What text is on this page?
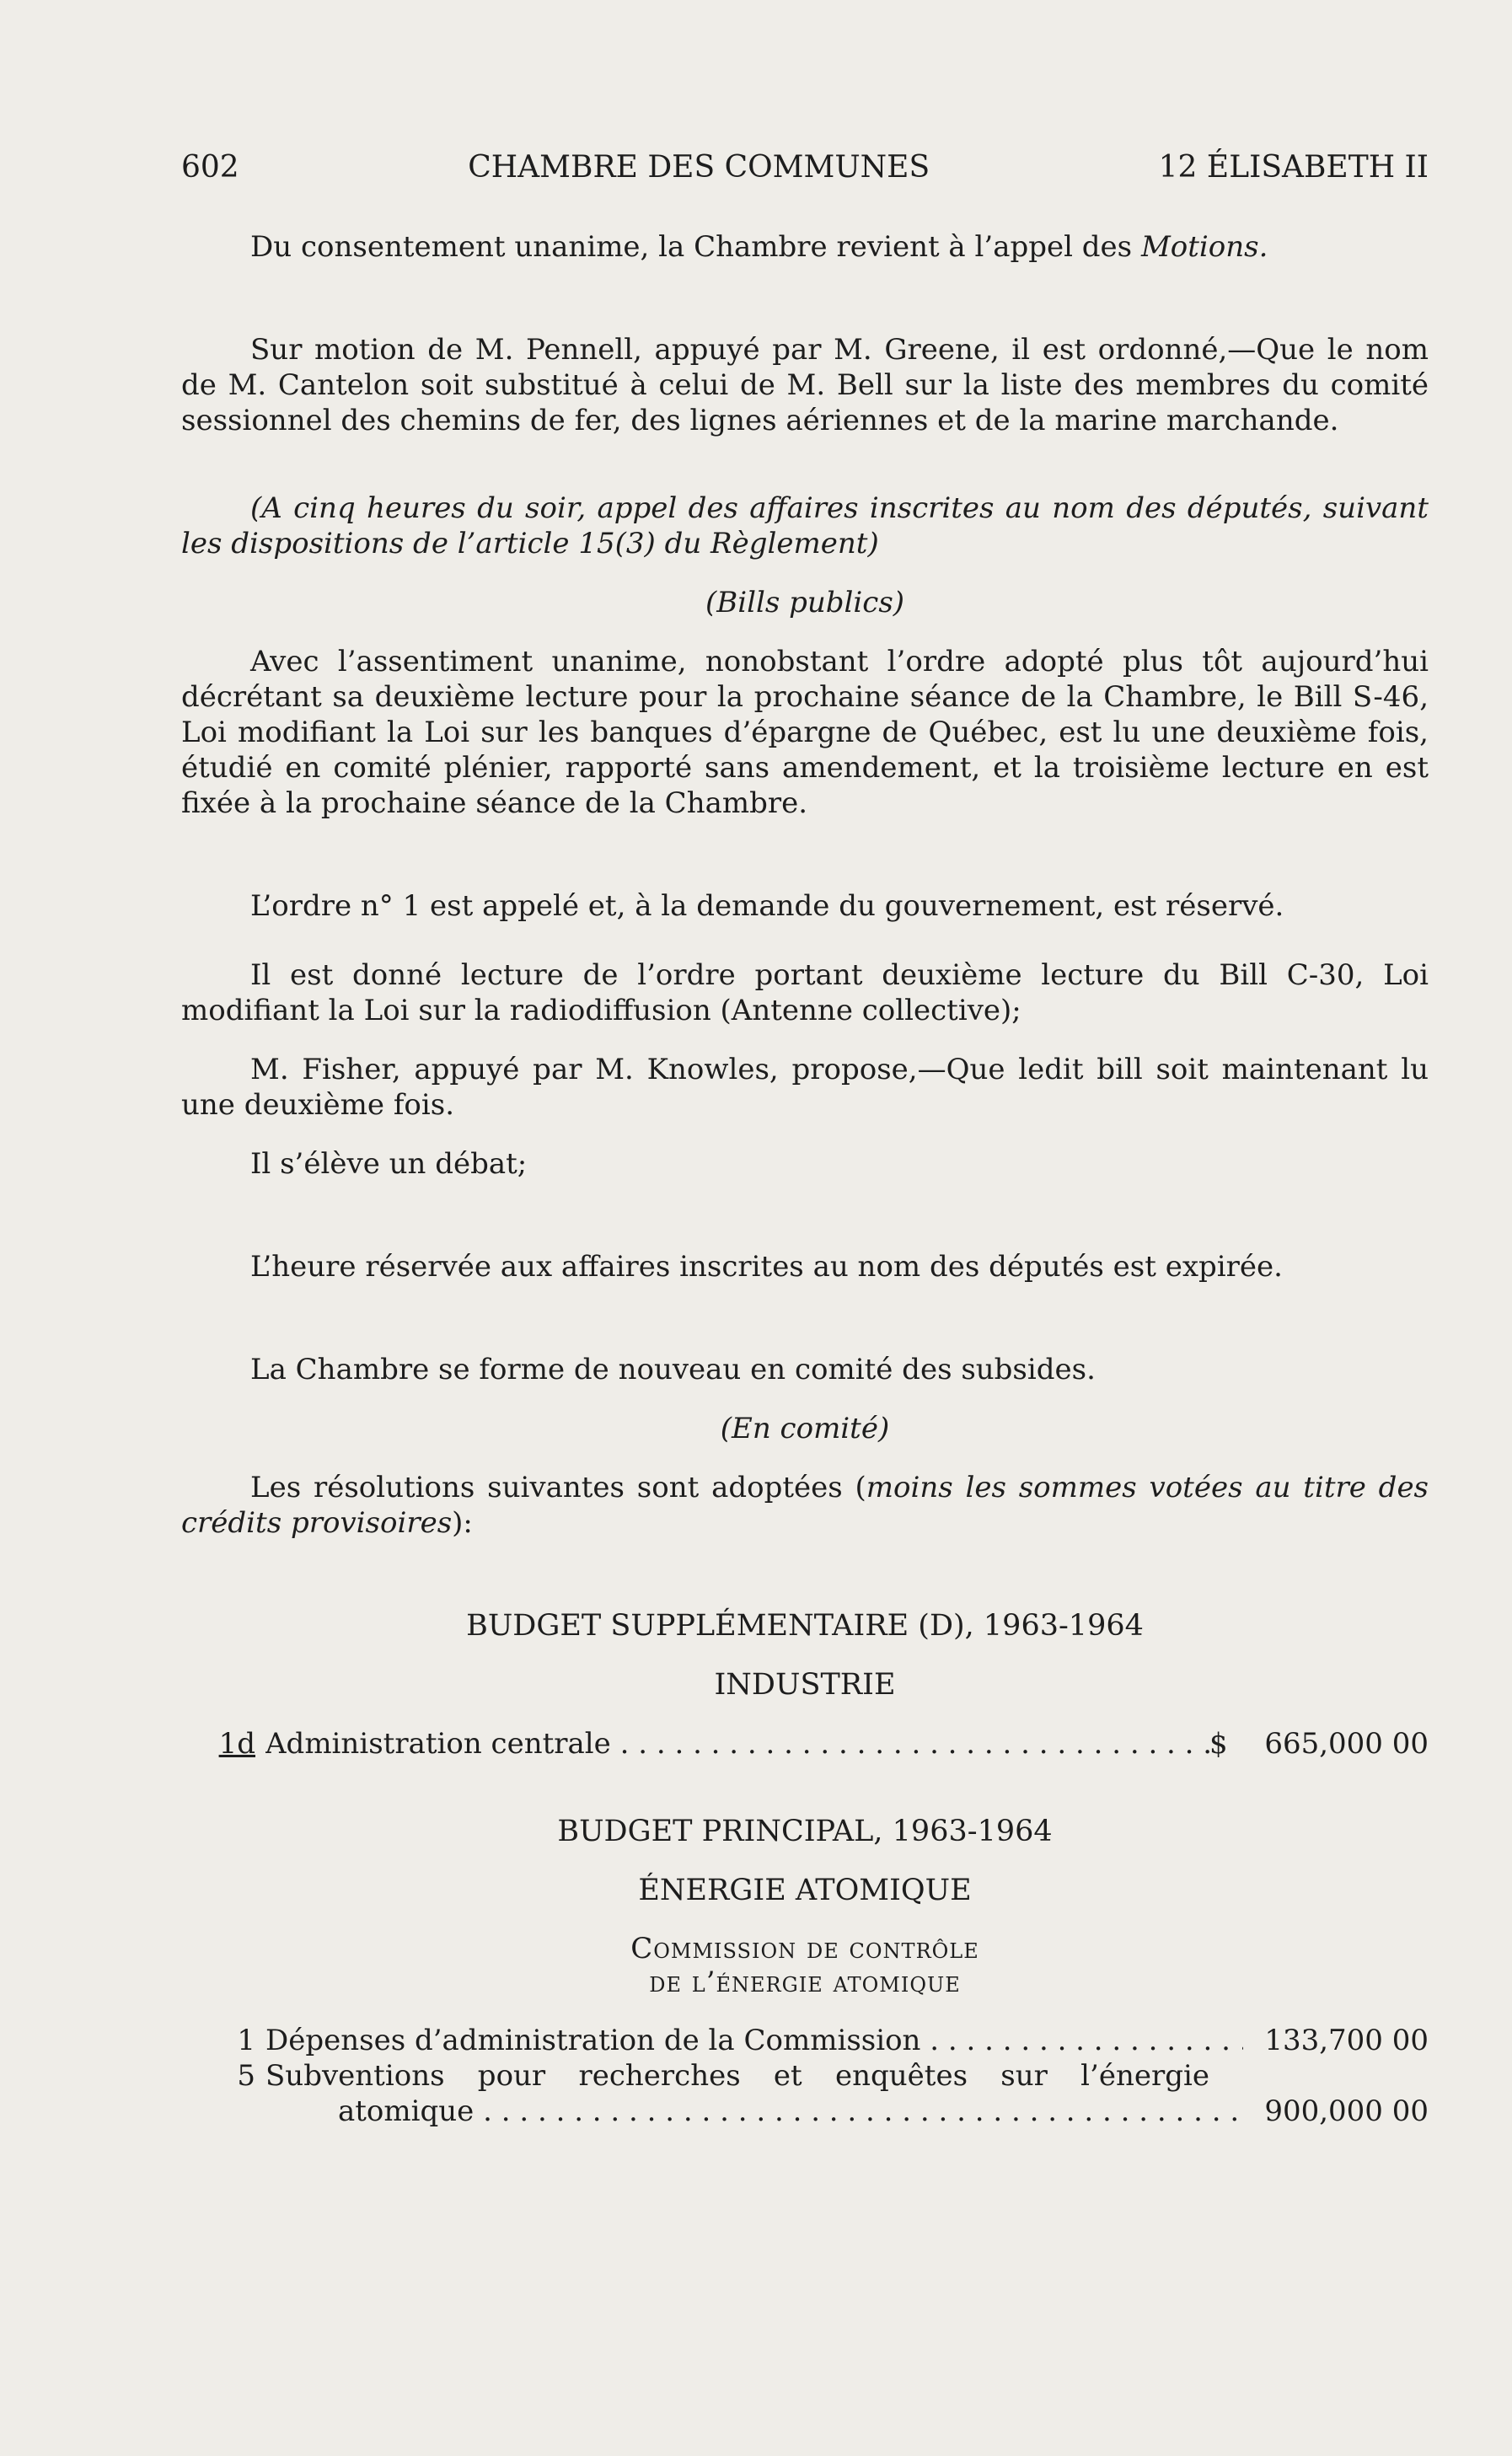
602	CHAMBRE DES COMMUNES	12 ÉLISABETH II

Du consentement unanime, la Chambre revient à l’appel des Motions.

Sur motion de M. Pennell, appuyé par M. Greene, il est ordonné,—Que le nom de M. Cantelon soit substitué à celui de M. Bell sur la liste des membres du comité sessionnel des chemins de fer, des lignes aériennes et de la marine marchande.

(A cinq heures du soir, appel des affaires inscrites au nom des députés, suivant les dispositions de l’article 15(3) du Règlement)

(Bills publics)

Avec l’assentiment unanime, nonobstant l’ordre adopté plus tôt aujourd’hui décrétant sa deuxième lecture pour la prochaine séance de la Chambre, le Bill S-46, Loi modifiant la Loi sur les banques d’épargne de Québec, est lu une deuxième fois, étudié en comité plénier, rapporté sans amendement, et la troisième lecture en est fixée à la prochaine séance de la Chambre.

L’ordre n° 1 est appelé et, à la demande du gouvernement, est réservé.

Il est donné lecture de l’ordre portant deuxième lecture du Bill C-30, Loi modifiant la Loi sur la radiodiffusion (Antenne collective);

M. Fisher, appuyé par M. Knowles, propose,—Que ledit bill soit maintenant lu une deuxième fois.

Il s’élève un débat;

L’heure réservée aux affaires inscrites au nom des députés est expirée.

La Chambre se forme de nouveau en comité des subsides.

(En comité)

Les résolutions suivantes sont adoptées (moins les sommes votées au titre des crédits provisoires):

BUDGET SUPPLÉMENTAIRE (D), 1963-1964

INDUSTRIE

1d Administration centrale . . .	$	665,000 00

BUDGET PRINCIPAL, 1963-1964

ÉNERGIE ATOMIQUE

Commission de contrôle

de l’énergie atomique

1 Dépenses d’administration de la Commission . . .	133,700 00
5 Subventions pour recherches et enquêtes sur l’énergie
atomique . . .	900,000 00
